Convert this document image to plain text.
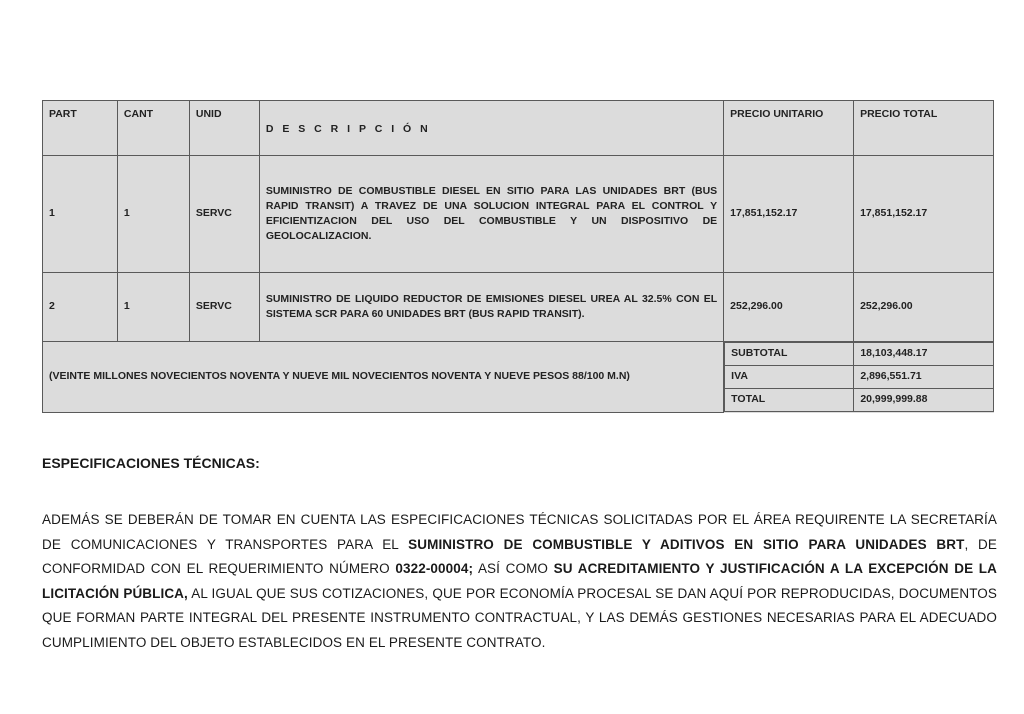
PART	CANT	UNID	D E S C R I P C I Ó N	PRECIO UNITARIO	PRECIO TOTAL
1	1	SERVC	SUMINISTRO DE COMBUSTIBLE DIESEL EN SITIO PARA LAS UNIDADES BRT (BUS RAPID TRANSIT) A TRAVEZ DE UNA SOLUCION INTEGRAL PARA EL CONTROL Y EFICIENTIZACION DEL USO DEL COMBUSTIBLE Y UN DISPOSITIVO DE GEOLOCALIZACION.	17,851,152.17	17,851,152.17
2	1	SERVC	SUMINISTRO DE LIQUIDO REDUCTOR DE EMISIONES DIESEL UREA AL 32.5% CON EL SISTEMA SCR PARA 60 UNIDADES BRT (BUS RAPID TRANSIT).	252,296.00	252,296.00
(VEINTE MILLONES NOVECIENTOS NOVENTA Y NUEVE MIL NOVECIENTOS NOVENTA Y NUEVE PESOS 88/100 M.N)	
SUBTOTAL	18,103,448.17
IVA	2,896,551.71
TOTAL	20,999,999.88

ESPECIFICACIONES TÉCNICAS:

ADEMÁS SE DEBERÁN DE TOMAR EN CUENTA LAS ESPECIFICACIONES TÉCNICAS SOLICITADAS POR EL ÁREA REQUIRENTE LA SECRETARÍA DE COMUNICACIONES Y TRANSPORTES PARA EL SUMINISTRO DE COMBUSTIBLE Y ADITIVOS EN SITIO PARA UNIDADES BRT, DE CONFORMIDAD CON EL REQUERIMIENTO NÚMERO 0322-00004; ASÍ COMO SU ACREDITAMIENTO Y JUSTIFICACIÓN A LA EXCEPCIÓN DE LA LICITACIÓN PÚBLICA, AL IGUAL QUE SUS COTIZACIONES, QUE POR ECONOMÍA PROCESAL SE DAN AQUÍ POR REPRODUCIDAS, DOCUMENTOS QUE FORMAN PARTE INTEGRAL DEL PRESENTE INSTRUMENTO CONTRACTUAL, Y LAS DEMÁS GESTIONES NECESARIAS PARA EL ADECUADO CUMPLIMIENTO DEL OBJETO ESTABLECIDOS EN EL PRESENTE CONTRATO.
